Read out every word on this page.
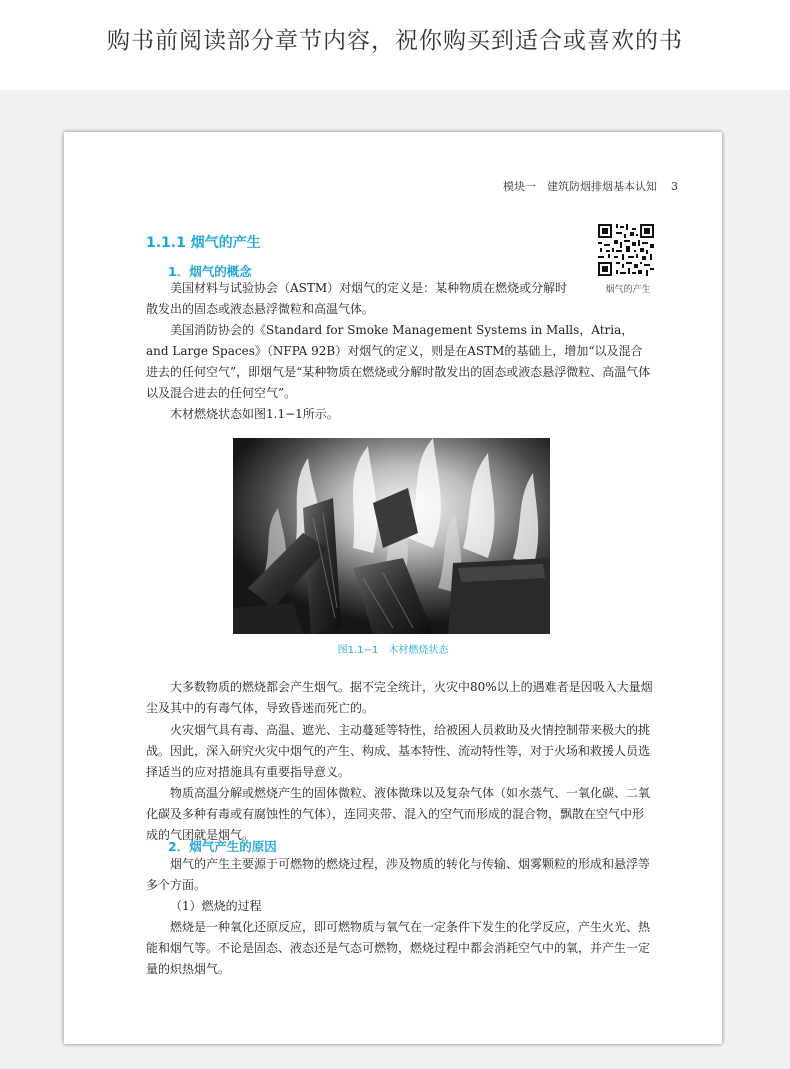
购书前阅读部分章节内容，祝你购买到适合或喜欢的书
模块一　建筑防烟排烟基本认知 3
1.1.1 烟气的产生
烟气的产生
1．烟气的概念

美国材料与试验协会（ASTM）对烟气的定义是：某种物质在燃烧或分解时散发出的固态或液态悬浮微粒和高温气体。

美国消防协会的《Standard for Smoke Management Systems in Malls，Atria，and Large Spaces》（NFPA 92B）对烟气的定义，则是在ASTM的基础上，增加“以及混合进去的任何空气”，即烟气是“某种物质在燃烧或分解时散发出的固态或液态悬浮微粒、高温气体以及混合进去的任何空气”。

木材燃烧状态如图1.1−1所示。

图1.1−1　木材燃烧状态

大多数物质的燃烧都会产生烟气。据不完全统计，火灾中80%以上的遇难者是因吸入大量烟尘及其中的有毒气体，导致昏迷而死亡的。

火灾烟气具有毒、高温、遮光、主动蔓延等特性，给被困人员救助及火情控制带来极大的挑战。因此，深入研究火灾中烟气的产生、构成、基本特性、流动特性等，对于火场和救援人员选择适当的应对措施具有重要指导意义。

物质高温分解或燃烧产生的固体微粒、液体微珠以及复杂气体（如水蒸气、一氧化碳、二氧化碳及多种有毒或有腐蚀性的气体），连同夹带、混入的空气而形成的混合物，飘散在空气中形成的气团就是烟气。

2．烟气产生的原因

烟气的产生主要源于可燃物的燃烧过程，涉及物质的转化与传输、烟雾颗粒的形成和悬浮等多个方面。

（1）燃烧的过程

燃烧是一种氧化还原反应，即可燃物质与氧气在一定条件下发生的化学反应，产生火光、热能和烟气等。不论是固态、液态还是气态可燃物，燃烧过程中都会消耗空气中的氧，并产生一定量的炽热烟气。
